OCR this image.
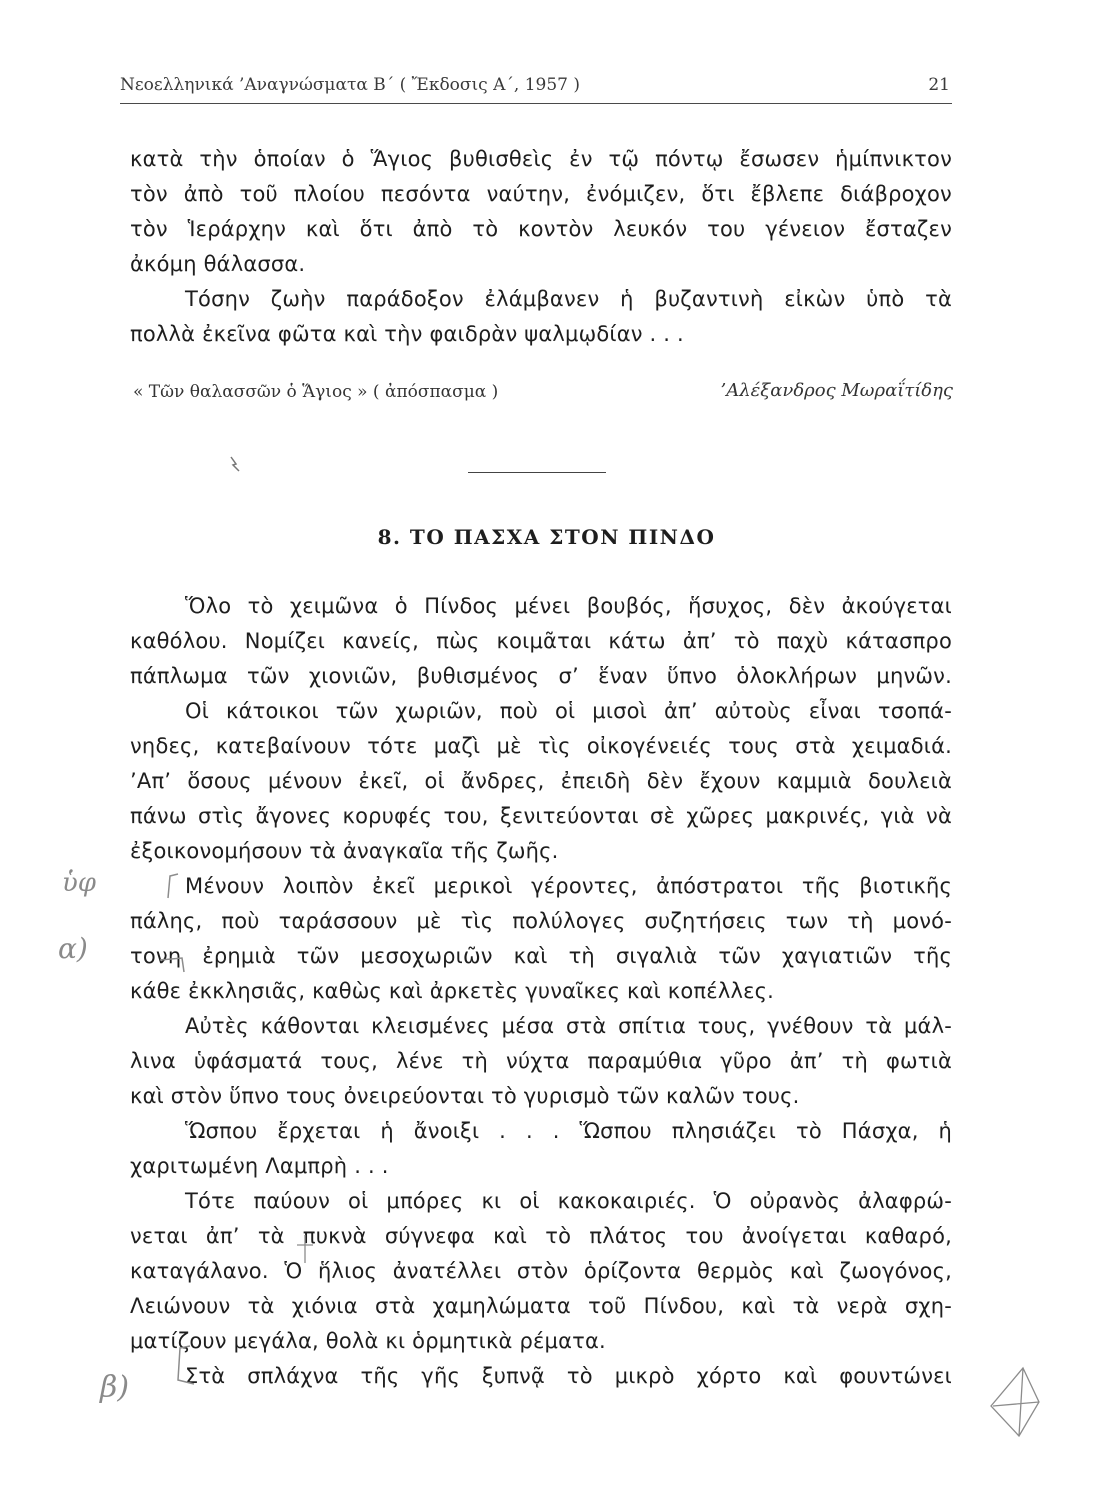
Νεοελληνικά ’Αναγνώσματα Β΄ ( Ἔκδοσις Α΄, 1957 )	21
κατὰ τὴν ὁποίαν ὁ Ἅγιος βυθισθεὶς ἐν τῷ πόντῳ ἔσωσεν ἡμίπνικτον
τὸν ἀπὸ τοῦ πλοίου πεσόντα ναύτην, ἐνόμιζεν, ὅτι ἔβλεπε διάβροχον
τὸν Ἱεράρχην καὶ ὅτι ἀπὸ τὸ κοντὸν λευκόν του γένειον ἔσταζεν
ἀκόμη θάλασσα.
Τόσην ζωὴν παράδοξον ἐλάμβανεν ἡ βυζαντινὴ εἰκὼν ὑπὸ τὰ
πολλὰ ἐκεῖνα φῶτα καὶ τὴν φαιδρὰν ψαλμῳδίαν . . .
« Τῶν θαλασσῶν ὁ Ἅγιος » ( ἀπόσπασμα )	’Αλέξανδρος Μωραΐτίδης
8. ΤΟ ΠΑΣΧΑ ΣΤΟΝ ΠΙΝΔΟ
Ὅλο τὸ χειμῶνα ὁ Πίνδος μένει βουβός, ἥσυχος, δὲν ἀκούγεται
καθόλου. Νομίζει κανείς, πὼς κοιμᾶται κάτω ἀπ’ τὸ παχὺ κάτασπρο
πάπλωμα τῶν χιονιῶν, βυθισμένος σ’ ἕναν ὕπνο ὁλοκλήρων μηνῶν.
Οἱ κάτοικοι τῶν χωριῶν, ποὺ οἱ μισοὶ ἀπ’ αὐτοὺς εἶναι τσοπά-
νηδες, κατεβαίνουν τότε μαζὶ μὲ τὶς οἰκογένειές τους στὰ χειμαδιά.
’Απ’ ὅσους μένουν ἐκεῖ, οἱ ἄνδρες, ἐπειδὴ δὲν ἔχουν καμμιὰ δουλειὰ
πάνω στὶς ἄγονες κορυφές του, ξενιτεύονται σὲ χῶρες μακρινές, γιὰ νὰ
ἐξοικονομήσουν τὰ ἀναγκαῖα τῆς ζωῆς.
Μένουν λοιπὸν ἐκεῖ μερικοὶ γέροντες, ἀπόστρατοι τῆς βιοτικῆς
πάλης, ποὺ ταράσσουν μὲ τὶς πολύλογες συζητήσεις των τὴ μονό-
τονη ἐρημιὰ τῶν μεσοχωριῶν καὶ τὴ σιγαλιὰ τῶν χαγιατιῶν τῆς
κάθε ἐκκλησιᾶς, καθὼς καὶ ἀρκετὲς γυναῖκες καὶ κοπέλλες.
Αὐτὲς κάθονται κλεισμένες μέσα στὰ σπίτια τους, γνέθουν τὰ μάλ-
λινα ὑφάσματά τους, λένε τὴ νύχτα παραμύθια γῦρο ἀπ’ τὴ φωτιὰ
καὶ στὸν ὕπνο τους ὀνειρεύονται τὸ γυρισμὸ τῶν καλῶν τους.
Ὥσπου ἔρχεται ἡ ἄνοιξι . . . Ὥσπου πλησιάζει τὸ Πάσχα, ἡ
χαριτωμένη Λαμπρὴ . . .
Τότε παύουν οἱ μπόρες κι οἱ κακοκαιριές. Ὁ οὐρανὸς ἀλαφρώ-
νεται ἀπ’ τὰ πυκνὰ σύγνεφα καὶ τὸ πλάτος του ἀνοίγεται καθαρό,
καταγάλανο. Ὁ ἥλιος ἀνατέλλει στὸν ὁρίζοντα θερμὸς καὶ ζωογόνος,
Λειώνουν τὰ χιόνια στὰ χαμηλώματα τοῦ Πίνδου, καὶ τὰ νερὰ σχη-
ματίζουν μεγάλα, θολὰ κι ὁρμητικὰ ρέματα.
Στὰ σπλάχνα τῆς γῆς ξυπνᾷ τὸ μικρὸ χόρτο καὶ φουντώνει
ὑφ
α)
β)
